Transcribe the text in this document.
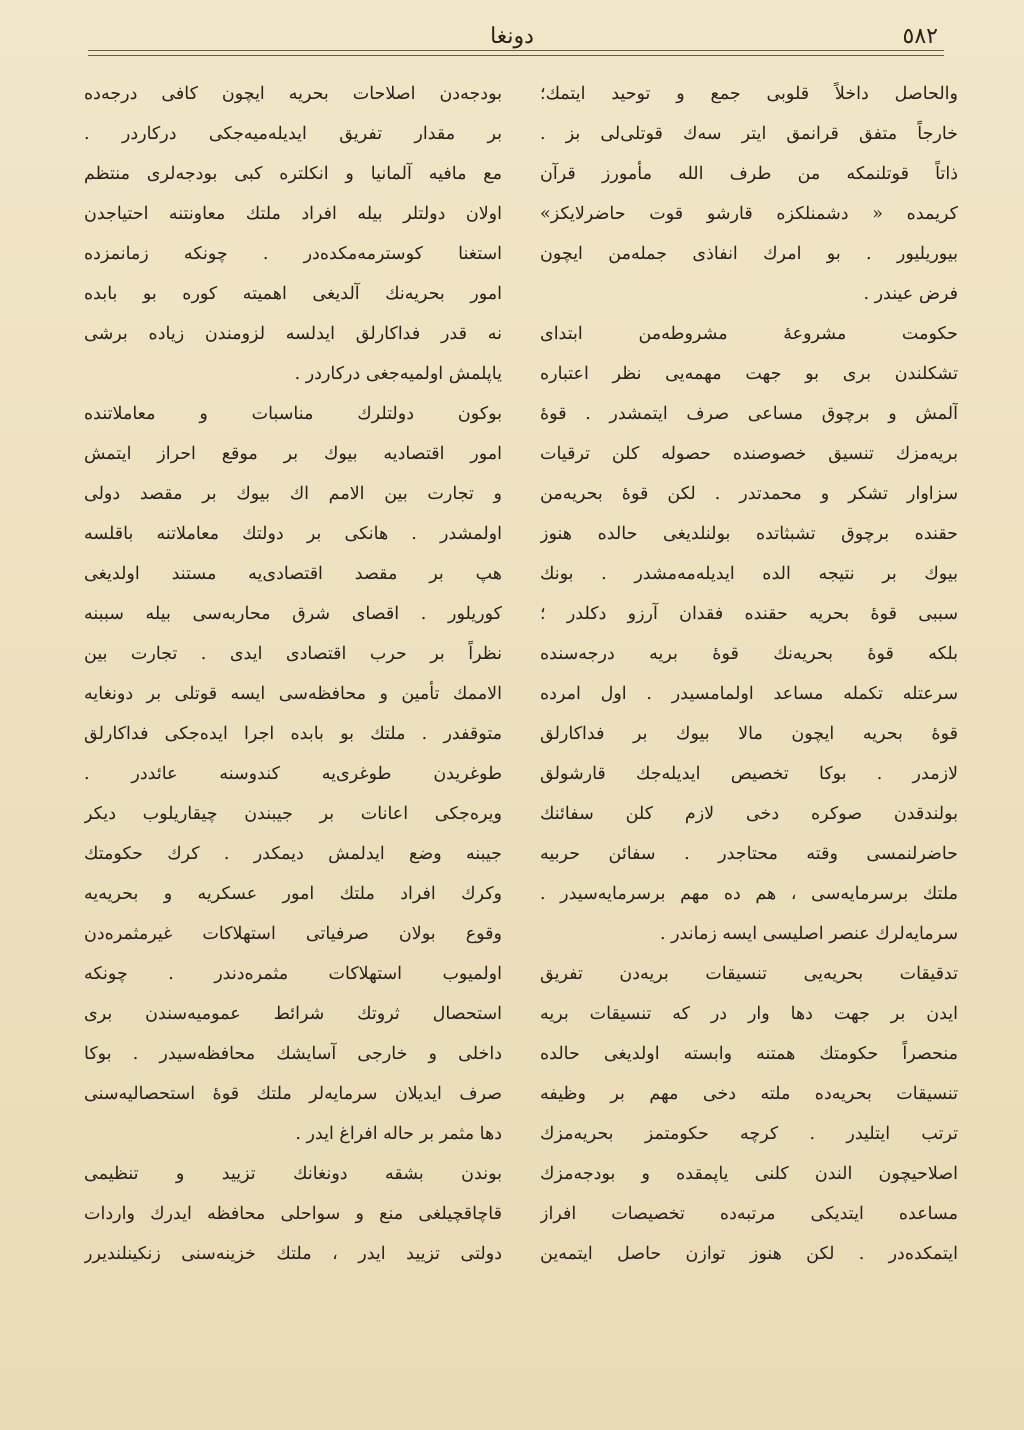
٥٨٢
دونغا
والحاصل داخلاً قلوبی جمع و توحید ایتمك؛
خارجاً متفق قرانمق ایتر سه‌ك قوتلی‌لی بز .
ذاتاً قوتلنمکه من طرف الله مأمورز قرآن
کریمده « دشمنلکزه قارشو قوت حاضرلایکز»
بیوریلیور . بو امرك انفاذی جمله‌من ایچون
فرض عیندر .
حکومت مشروعهٔ مشروطه‌من ابتدای
تشکلندن بری بو جهت مهمه‌یی نظر اعتباره
آلمش و برچوق مساعی صرف ایتمشدر . قوهٔ
بریه‌مزك تنسیق خصوصنده حصوله کلن ترقیات
سزاوار تشکر و محمدتدر . لکن قوهٔ بحریه‌من
حقنده برچوق تشبثاتده بولنلدیغی حالده هنوز
بیوك بر نتیجه الده ایدیله‌مه‌مشدر . بونك
سببی قوهٔ بحریه حقنده فقدان آرزو دکلدر ؛
بلکه قوهٔ بحریه‌نك قوهٔ بریه درجه‌سنده
سرعتله تکمله مساعد اولمامسیدر . اول امرده
قوهٔ بحریه ایچون مالا بیوك بر فداکارلق
لازمدر . بوکا تخصیص ایدیله‌جك قارشولق
بولندقدن صوکره دخی لازم کلن سفائنك
حاضرلنمسی وقته محتاجدر . سفائن حربیه
ملتك برسرمایه‌سی ، هم ده مهم برسرمایه‌سیدر .
سرمایه‌لرك عنصر اصلیسی ایسه زماندر .
تدقیقات بحریه‌یی تنسیقات بریه‌دن تفریق
ایدن بر جهت دها وار در که تنسیقات بریه
منحصراً حکومتك همتنه وابسته اولدیغی حالده
تنسیقات بحریه‌ده ملته دخی مهم بر وظیفه
ترتب ایتلیدر . کرچه حکومتمز بحریه‌مزك
اصلاحیچون الندن کلنی یاپمقده و بودجه‌مزك
مساعده ایتدیکی مرتبه‌ده تخصیصات افراز
ایتمکده‌در . لکن هنوز توازن حاصل ایتمه‌ین
بودجه‌دن اصلاحات بحریه ایچون کافی درجه‌ده
بر مقدار تفریق ایدیله‌میه‌جکی درکاردر .
مع مافیه آلمانیا و انکلتره کبی بودجه‌لری منتظم
اولان دولتلر بیله افراد ملتك معاونتنه احتیاجدن
استغنا کوسترمه‌مکده‌در . چونکه زمانمزده
امور بحریه‌نك آلدیغی اهمیته کوره بو بابده
نه قدر فداکارلق ایدلسه لزومندن زیاده برشی
یاپلمش اولمیه‌جغی درکاردر .
بوکون دولتلرك مناسبات و معاملاتنده
امور اقتصادیه بیوك بر موقع احراز ایتمش
و تجارت بین الامم اك بیوك بر مقصد دولی
اولمشدر . هانکی بر دولتك معاملاتنه باقلسه
هپ بر مقصد اقتصادی‌یه مستند اولدیغی
کوریلور . اقصای شرق محاربه‌سی بیله سببنه
نظراً بر حرب اقتصادی ایدی . تجارت بین
الاممك تأمین و محافظه‌سی ایسه قوتلی بر دونغایه
متوقفدر . ملتك بو بابده اجرا ایده‌جکی فداکارلق
طوغریدن طوغری‌یه کندوسنه عائددر .
ویره‌جکی اعانات بر جیبندن چیقاریلوب دیکر
جیبنه وضع ایدلمش دیمکدر . کرك حکومتك
وکرك افراد ملتك امور عسکریه و بحریه‌یه
وقوع بولان صرفیاتی استهلاکات غیرمثمره‌دن
اولمیوب استهلاکات مثمره‌دندر . چونکه
استحصال ثروتك شرائط عمومیه‌سندن بری
داخلی و خارجی آسایشك محافظه‌سیدر . بوکا
صرف ایدیلان سرمایه‌لر ملتك قوهٔ استحصالیه‌سنی
دها مثمر بر حاله افراغ ایدر .
بوندن بشقه دونغانك تزیید و تنظیمی
قاچاقچیلغی منع و سواحلی محافظه ایدرك واردات
دولتی تزیید ایدر ، ملتك خزینه‌سنی زنکینلندیرر
